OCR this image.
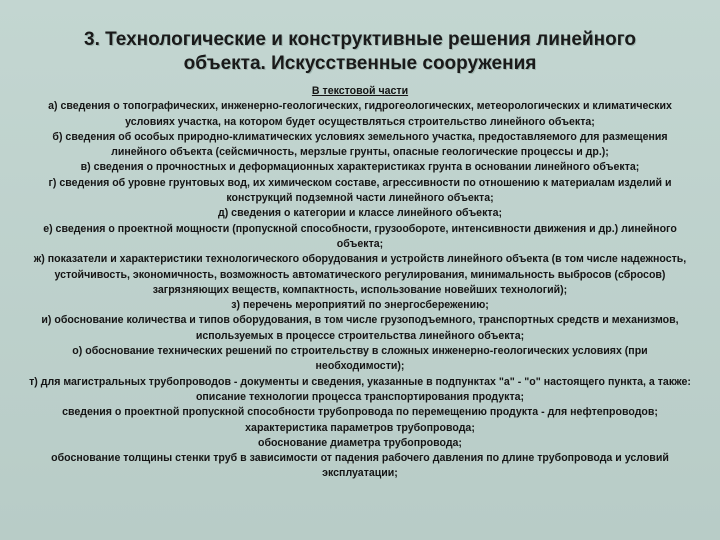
3. Технологические и конструктивные решения линейного
объекта. Искусственные сооружения

В текстовой части

а) сведения о топографических, инженерно-геологических, гидрогеологических, метеорологических и климатических условиях участка, на котором будет осуществляться строительство линейного объекта;

б) сведения об особых природно-климатических условиях земельного участка, предоставляемого для размещения линейного объекта (сейсмичность, мерзлые грунты, опасные геологические процессы и др.);

в) сведения о прочностных и деформационных характеристиках грунта в основании линейного объекта;

г) сведения об уровне грунтовых вод, их химическом составе, агрессивности по отношению к материалам изделий и конструкций подземной части линейного объекта;

д) сведения о категории и классе линейного объекта;

е) сведения о проектной мощности (пропускной способности, грузообороте, интенсивности движения и др.) линейного объекта;

ж) показатели и характеристики технологического оборудования и устройств линейного объекта (в том числе надежность, устойчивость, экономичность, возможность автоматического регулирования, минимальность выбросов (сбросов) загрязняющих веществ, компактность, использование новейших технологий);

з) перечень мероприятий по энергосбережению;

и) обоснование количества и типов оборудования, в том числе грузоподъемного, транспортных средств и механизмов, используемых в процессе строительства линейного объекта;

о) обоснование технических решений по строительству в сложных инженерно-геологических условиях (при необходимости);

т) для магистральных трубопроводов - документы и сведения, указанные в подпунктах "а" - "о" настоящего пункта, а также:

описание технологии процесса транспортирования продукта;

сведения о проектной пропускной способности трубопровода по перемещению продукта - для нефтепроводов;

характеристика параметров трубопровода;

обоснование диаметра трубопровода;

обоснование толщины стенки труб в зависимости от падения рабочего давления по длине трубопровода и условий эксплуатации;
